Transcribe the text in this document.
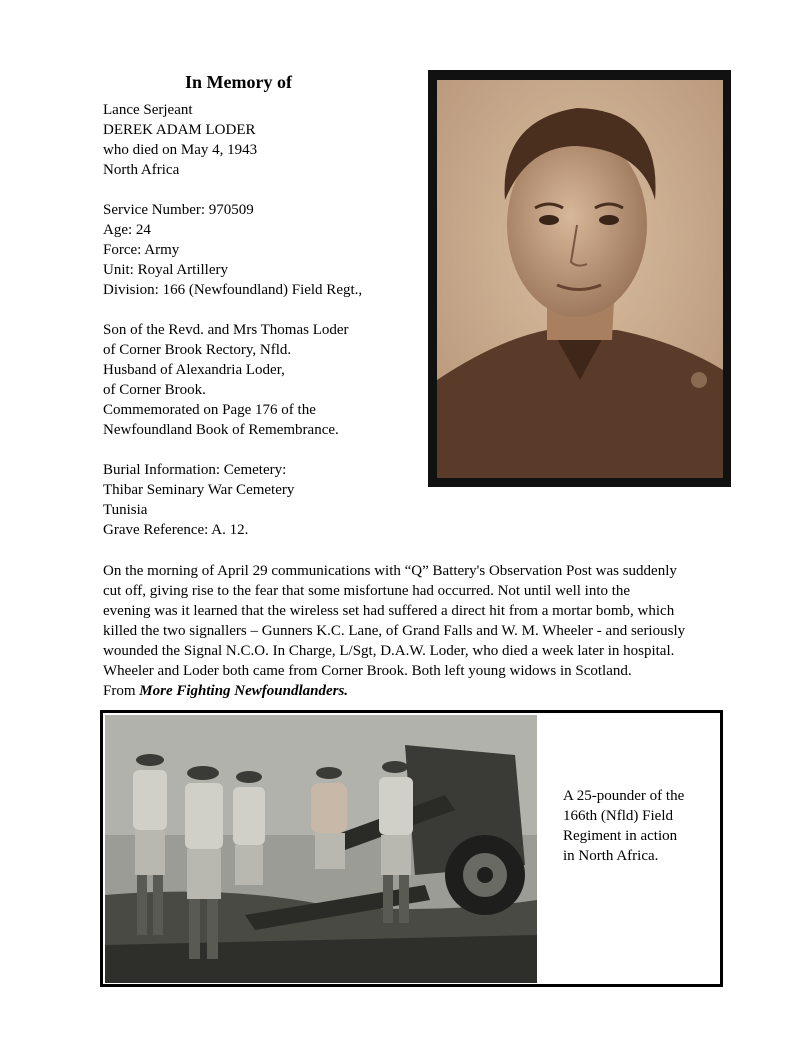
In Memory of
Lance Serjeant
DEREK ADAM LODER
who died on May 4, 1943
North Africa
Service Number: 970509
Age: 24
Force: Army
Unit: Royal Artillery
Division: 166 (Newfoundland) Field Regt.,
Son of the Revd. and Mrs Thomas Loder
of Corner Brook Rectory, Nfld.
Husband of Alexandria Loder,
of Corner Brook.
Commemorated on Page 176 of the
Newfoundland Book of Remembrance.
Burial Information: Cemetery:
Thibar Seminary War Cemetery
Tunisia
Grave Reference: A. 12.
On the morning of April 29 communications with “Q” Battery's Observation Post was suddenly
cut off, giving rise to the fear that some misfortune had occurred. Not until well into the
evening was it learned that the wireless set had suffered a direct hit from a mortar bomb, which
killed the two signallers – Gunners K.C. Lane, of Grand Falls and W. M. Wheeler - and seriously
wounded the Signal N.C.O. In Charge, L/Sgt, D.A.W. Loder, who died a week later in hospital.
Wheeler and Loder both came from Corner Brook. Both left young widows in Scotland.
From More Fighting Newfoundlanders.
A 25-pounder of the
166th (Nfld) Field
Regiment in action
in North Africa.
